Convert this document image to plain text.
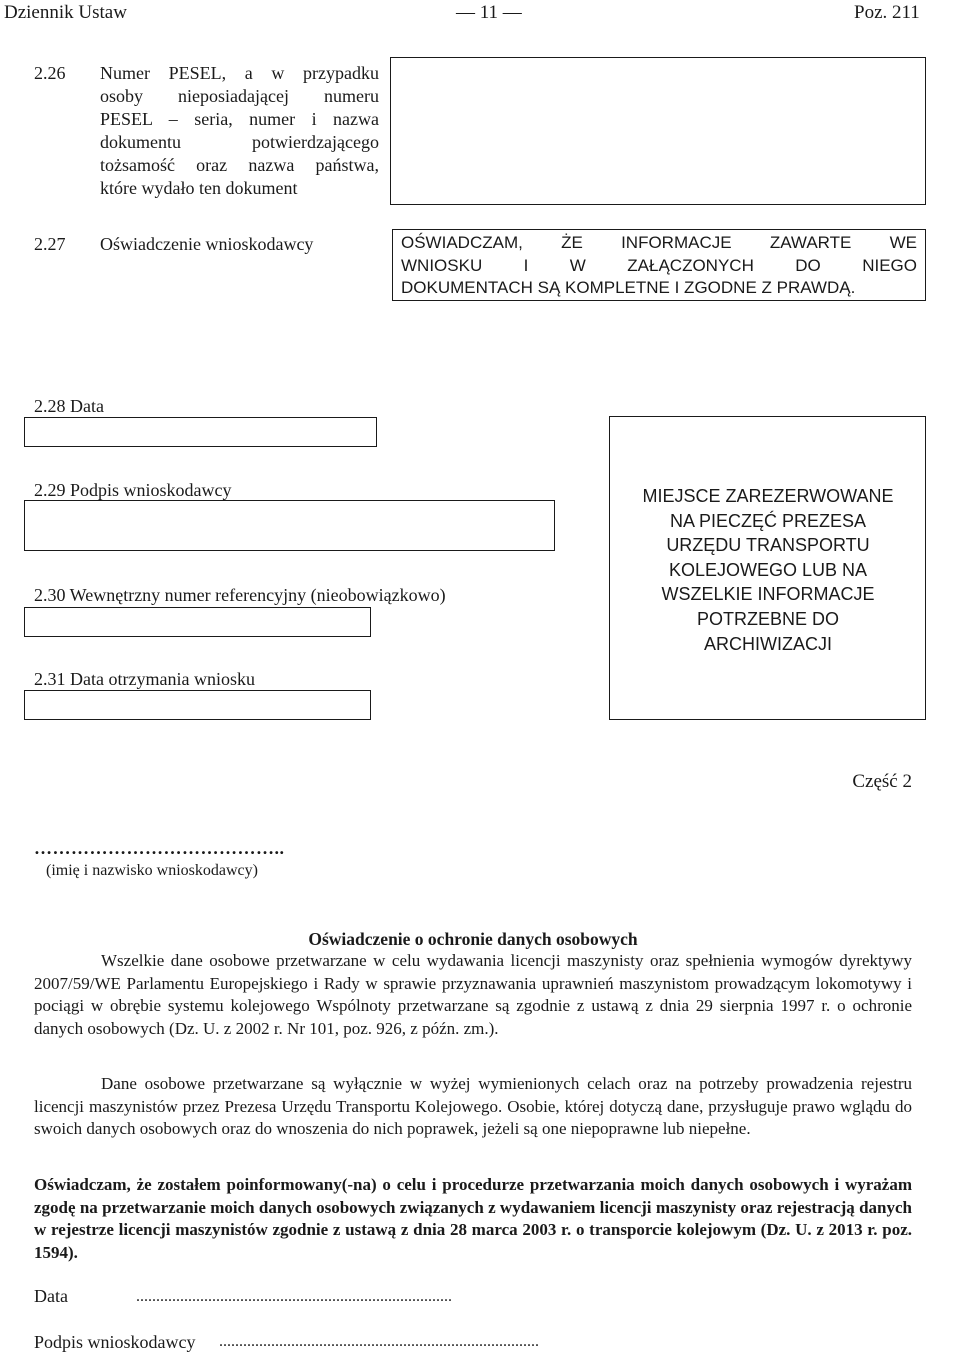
Dziennik Ustaw	— 11 —	Poz. 211
2.26 Numer PESEL, a w przypadku
osoby nieposiadającej numeru
PESEL – seria, numer i nazwa
dokumentu potwierdzającego
tożsamość oraz nazwa państwa,
które wydało ten dokument
2.27 Oświadczenie wnioskodawcy	OŚWIADCZAM, ŻE INFORMACJE ZAWARTE WE
WNIOSKU I W ZAŁĄCZONYCH DO NIEGO
DOKUMENTACH SĄ KOMPLETNE I ZGODNE Z PRAWDĄ.
2.28 Data
2.29 Podpis wnioskodawcy
2.30 Wewnętrzny numer referencyjny (nieobowiązkowo)
2.31 Data otrzymania wniosku
MIEJSCE ZAREZERWOWANE
NA PIECZĘĆ PREZESA
URZĘDU TRANSPORTU
KOLEJOWEGO LUB NA
WSZELKIE INFORMACJE
POTRZEBNE DO
ARCHIWIZACJI
Część 2
…………………………………..
(imię i nazwisko wnioskodawcy)
Oświadczenie o ochronie danych osobowych
Wszelkie dane osobowe przetwarzane w celu wydawania licencji maszynisty oraz spełnienia wymogów dyrektywy 2007/59/WE Parlamentu Europejskiego i Rady w sprawie przyznawania uprawnień maszynistom prowadzącym lokomotywy i pociągi w obrębie systemu kolejowego Wspólnoty przetwarzane są zgodnie z ustawą z dnia 29 sierpnia 1997 r. o ochronie danych osobowych (Dz. U. z 2002 r. Nr 101, poz. 926, z późn. zm.).
Dane osobowe przetwarzane są wyłącznie w wyżej wymienionych celach oraz na potrzeby prowadzenia rejestru licencji maszynistów przez Prezesa Urzędu Transportu Kolejowego. Osobie, której dotyczą dane, przysługuje prawo wglądu do swoich danych osobowych oraz do wnoszenia do nich poprawek, jeżeli są one niepoprawne lub niepełne.
Oświadczam, że zostałem poinformowany(-na) o celu i procedurze przetwarzania moich danych osobowych i wyrażam zgodę na przetwarzanie moich danych osobowych związanych z wydawaniem licencji maszynisty oraz rejestracją danych w rejestrze licencji maszynistów zgodnie z ustawą z dnia 28 marca 2003 r. o transporcie kolejowym (Dz. U. z 2013 r. poz. 1594).
Data	...............................................................................
Podpis wnioskodawcy ................................................................................
